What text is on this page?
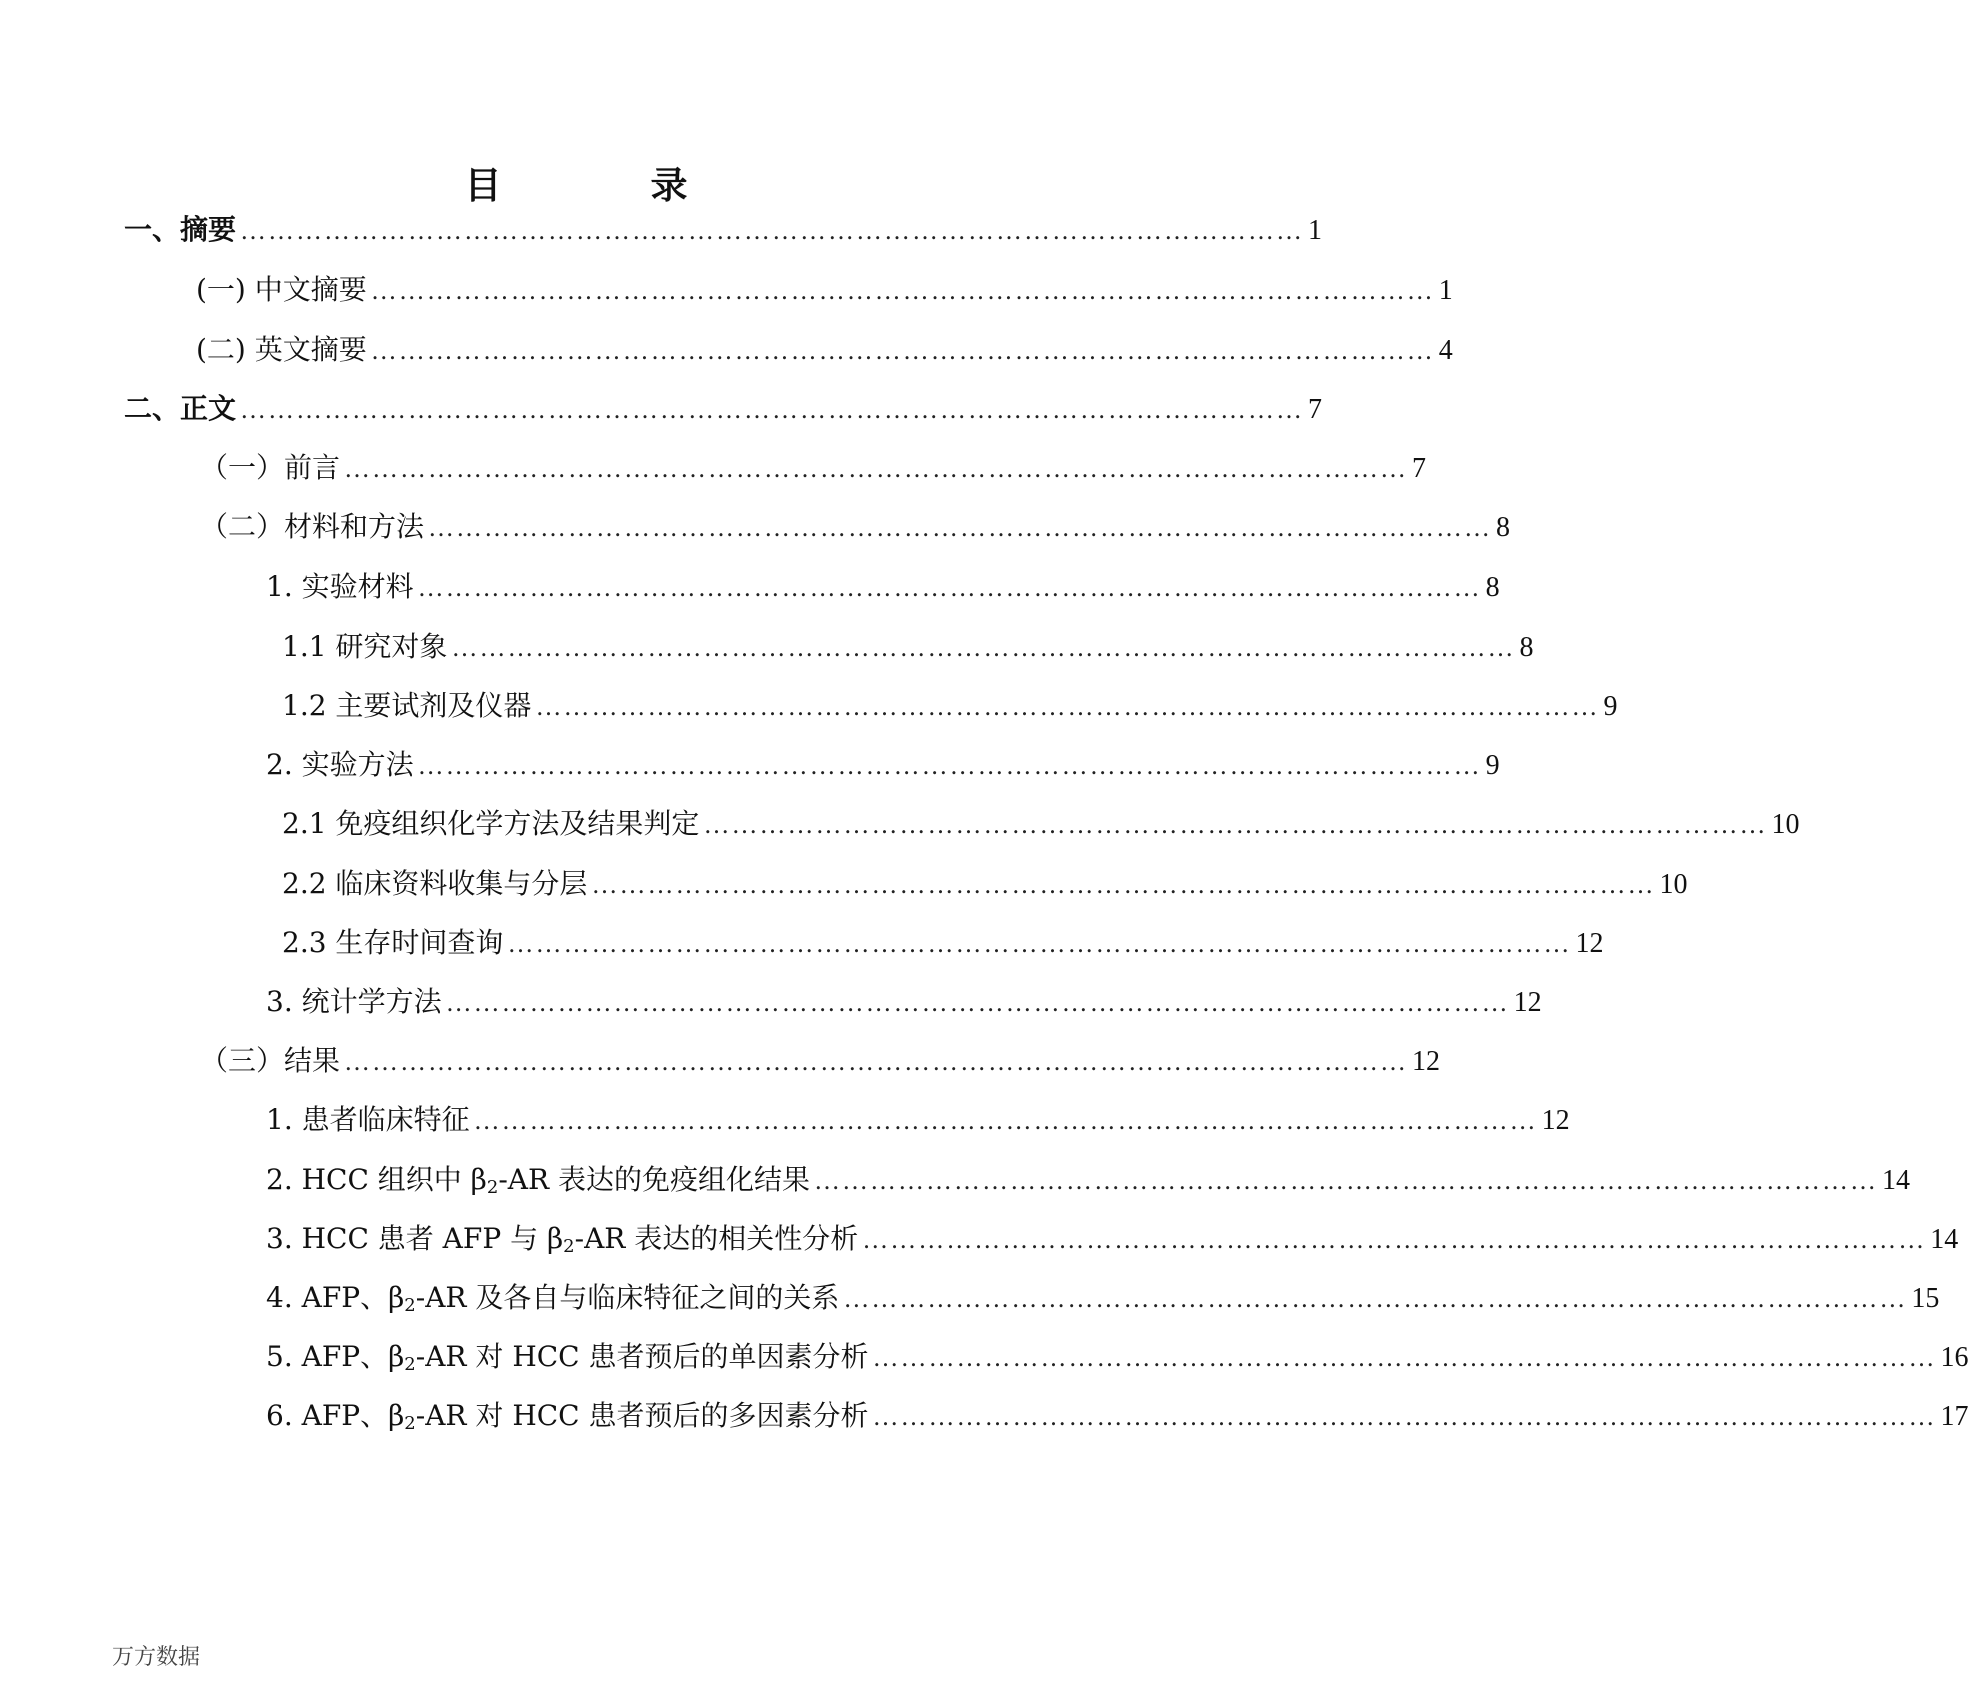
目　录
一、 摘要 …………………………………………………………………………………………………… 1
(一) 中文摘要 …………………………………………………………………………………………………… 1
(二) 英文摘要 …………………………………………………………………………………………………… 4
二、 正文 …………………………………………………………………………………………………… 7
（一）前言 …………………………………………………………………………………………………… 7
（二）材料和方法 …………………………………………………………………………………………………… 8
1. 实验材料 …………………………………………………………………………………………………… 8
1.1 研究对象 …………………………………………………………………………………………………… 8
1.2 主要试剂及仪器 …………………………………………………………………………………………………… 9
2. 实验方法 …………………………………………………………………………………………………… 9
2.1 免疫组织化学方法及结果判定 …………………………………………………………………………………………………… 10
2.2 临床资料收集与分层 …………………………………………………………………………………………………… 10
2.3 生存时间查询 …………………………………………………………………………………………………… 12
3. 统计学方法 …………………………………………………………………………………………………… 12
（三）结果 …………………………………………………………………………………………………… 12
1. 患者临床特征 …………………………………………………………………………………………………… 12
2. HCC 组织中 $\beta_2-AR$ 表达的免疫组化结果 …………………………………………………………………………………………………… 14
3. HCC 患者 AFP 与 $\beta_2-AR$ 表达的相关性分析 …………………………………………………………………………………………………… 14
4. AFP、$\beta_2-AR$ 及各自与临床特征之间的关系 …………………………………………………………………………………………………… 15
5. AFP、$\beta_2-AR$ 对 HCC 患者预后的单因素分析 …………………………………………………………………………………………………… 16
6. AFP、$\beta_2-AR$ 对 HCC 患者预后的多因素分析 …………………………………………………………………………………………………… 17
万方数据
